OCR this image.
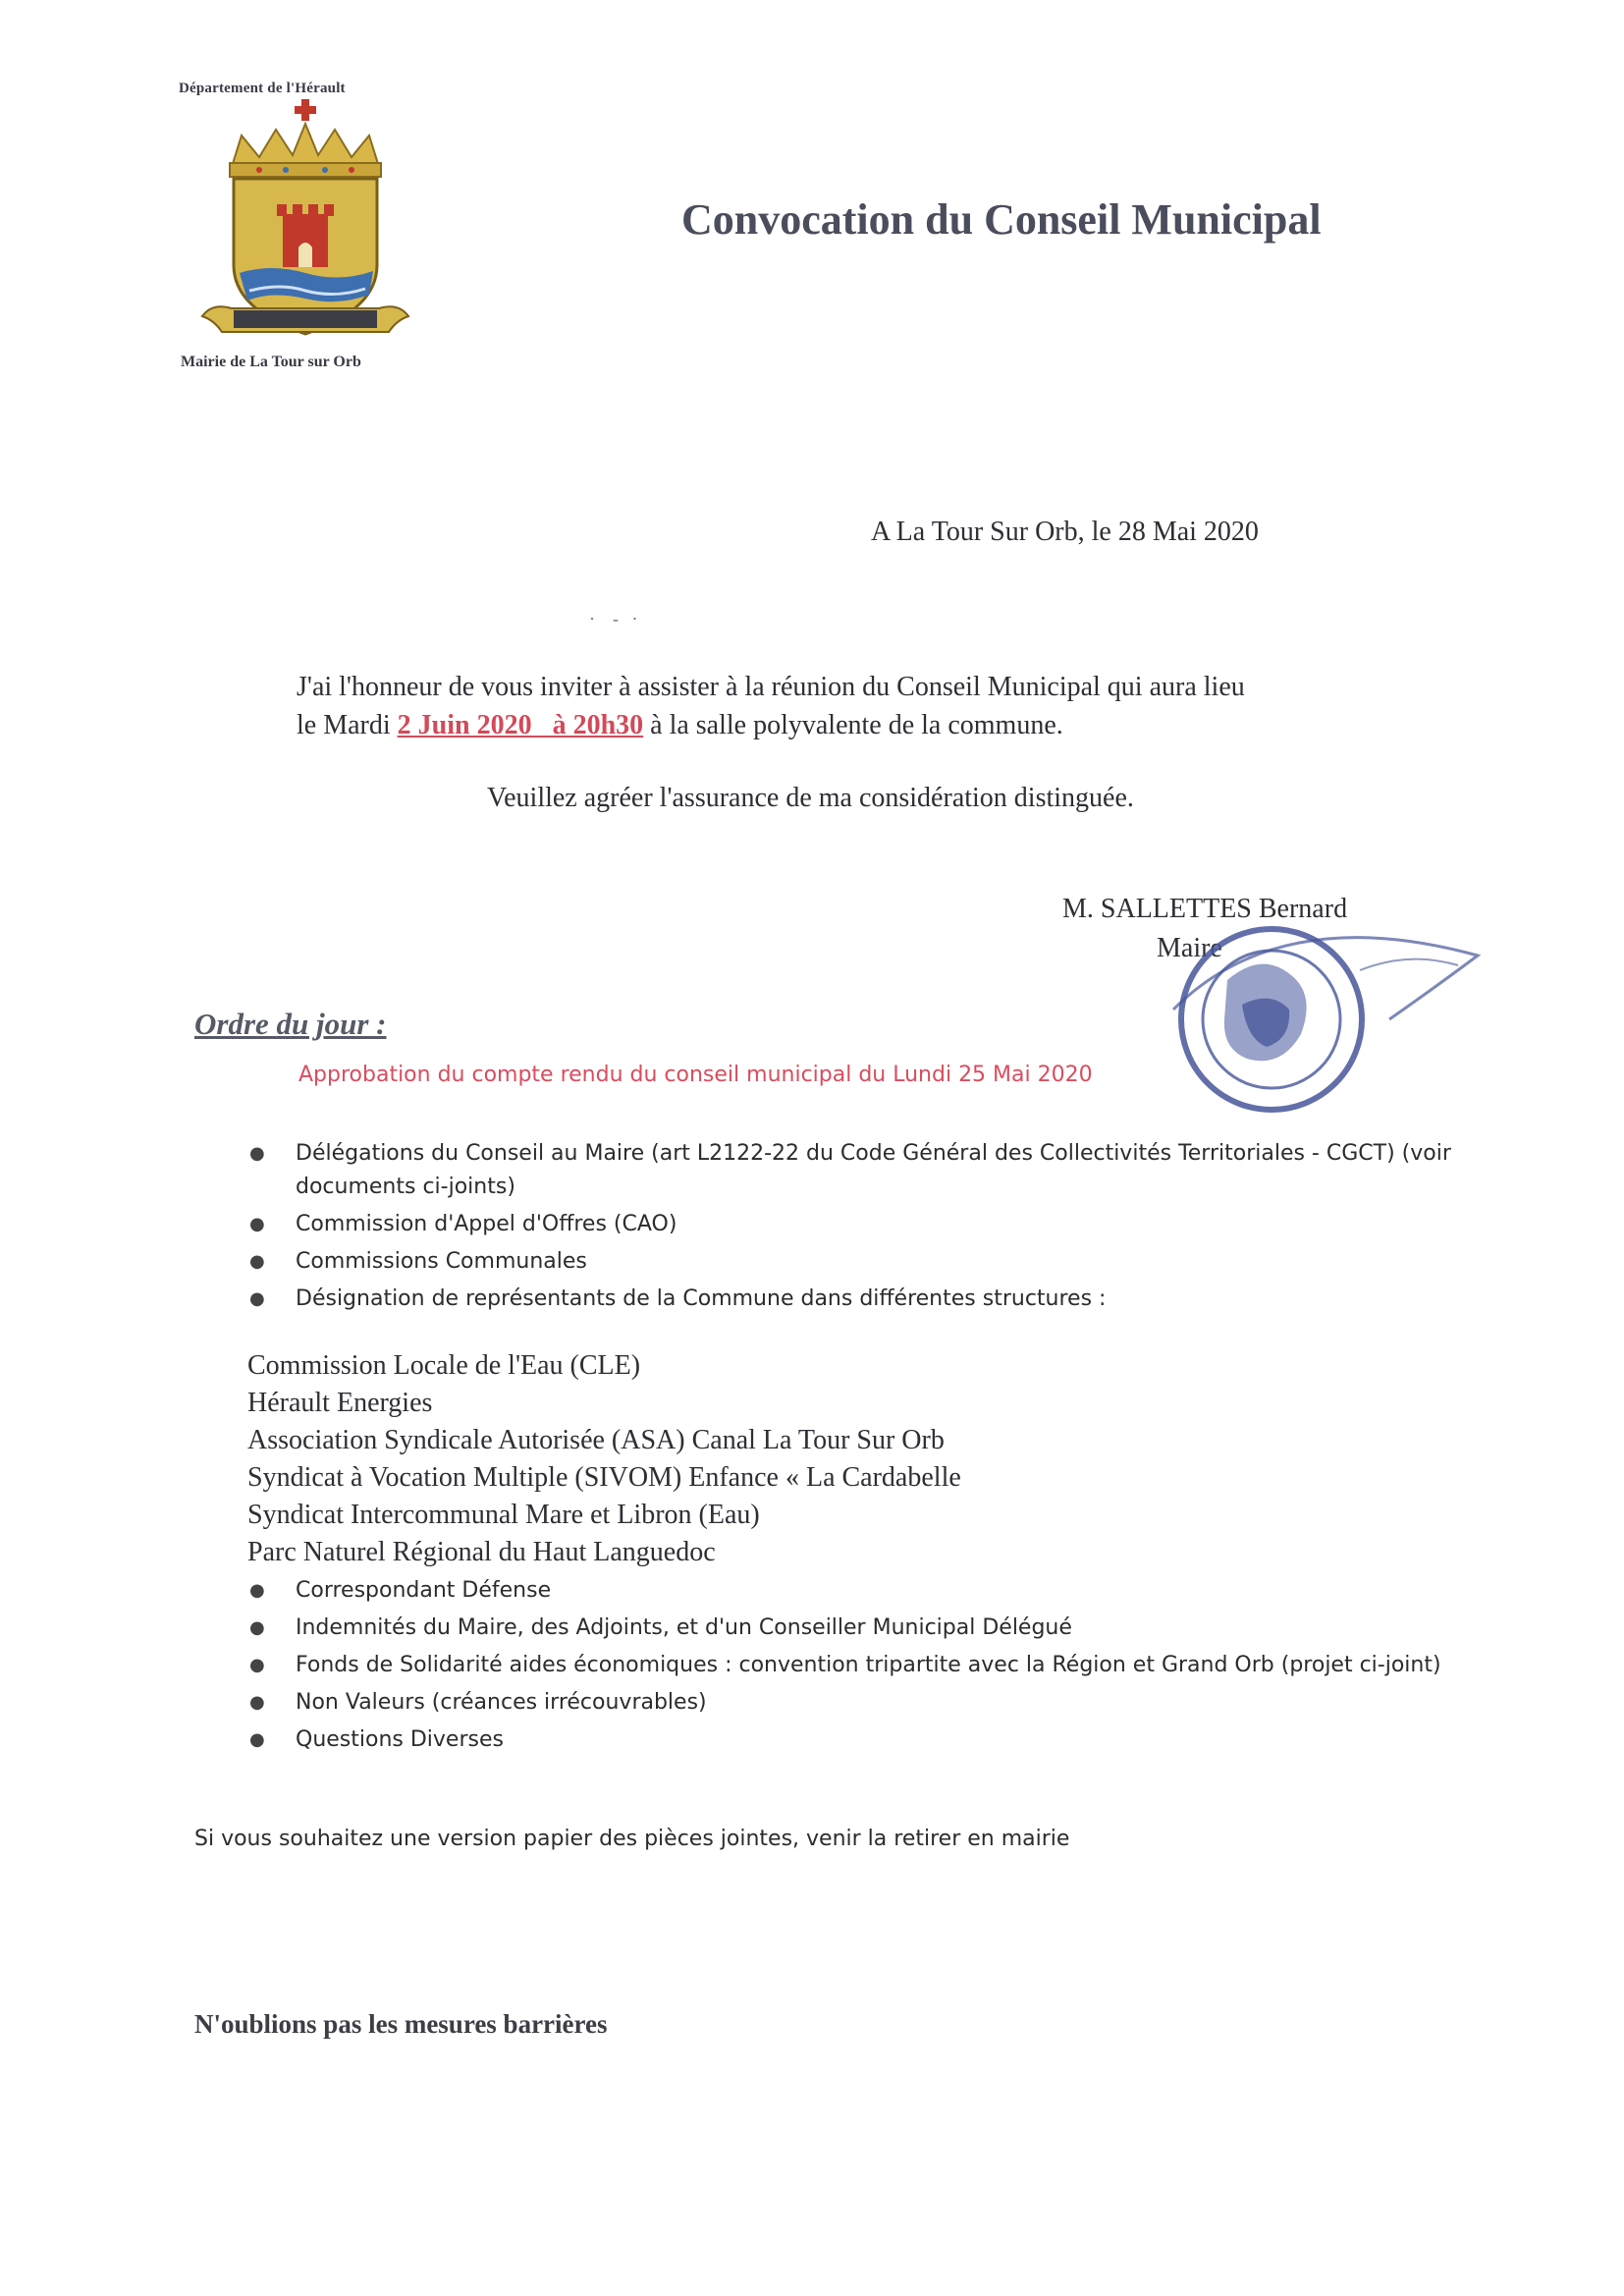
Département de l'Hérault
Mairie de La Tour sur Orb
Convocation du Conseil Municipal
A La Tour Sur Orb, le 28 Mai 2020
·    -   ·
J'ai l'honneur de vous inviter à assister à la réunion du Conseil Municipal qui aura lieu
le Mardi 2 Juin 2020   à 20h30 à la salle polyvalente de la commune.
Veuillez agréer l'assurance de ma considération distinguée.
M. SALLETTES Bernard
Maire
Ordre du jour :
Approbation du compte rendu du conseil municipal du Lundi 25 Mai 2020
● Délégations du Conseil au Maire (art L2122-22 du Code Général des Collectivités Territoriales - CGCT) (voir documents ci-joints)
● Commission d'Appel d'Offres (CAO)
● Commissions Communales
● Désignation de représentants de la Commune dans différentes structures :
Commission Locale de l'Eau (CLE)
Hérault Energies
Association Syndicale Autorisée (ASA) Canal La Tour Sur Orb
Syndicat à Vocation Multiple (SIVOM) Enfance « La Cardabelle
Syndicat Intercommunal Mare et Libron (Eau)
Parc Naturel Régional du Haut Languedoc
● Correspondant Défense
● Indemnités du Maire, des Adjoints, et d'un Conseiller Municipal Délégué
● Fonds de Solidarité aides économiques : convention tripartite avec la Région et Grand Orb (projet ci-joint)
● Non Valeurs (créances irrécouvrables)
● Questions Diverses
Si vous souhaitez une version papier des pièces jointes, venir la retirer en mairie
N'oublions pas les mesures barrières
